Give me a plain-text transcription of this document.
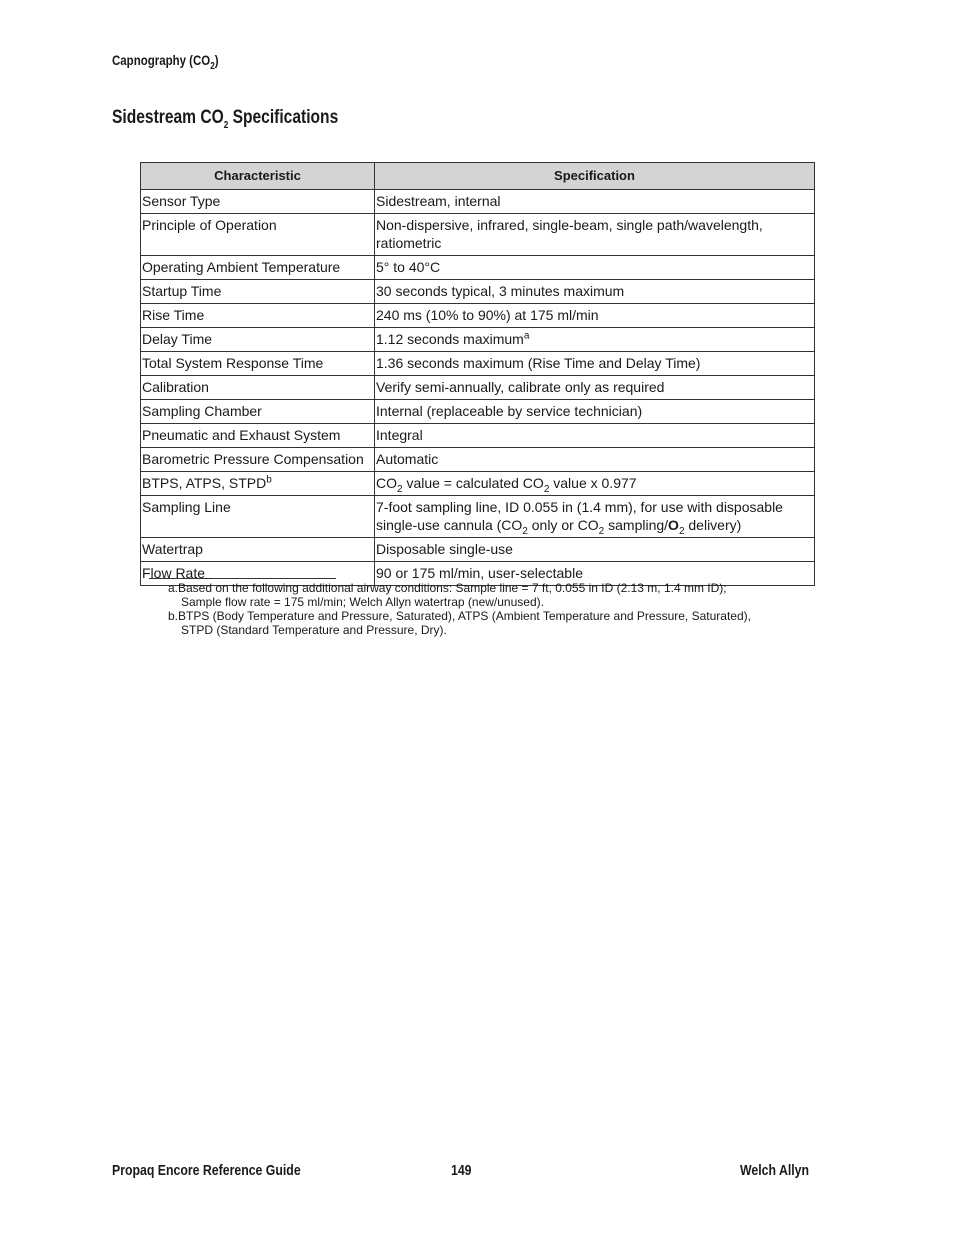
Capnography $(CO_2)$
Sidestream $CO_2$ Specifications
Characteristic	Specification
Sensor Type	Sidestream, internal
Principle of Operation	Non-dispersive, infrared, single-beam, single path/wavelength, ratiometric
Operating Ambient Temperature	5° to 40°C
Startup Time	30 seconds typical, 3 minutes maximum
Rise Time	240 ms (10% to 90%) at 175 ml/min
Delay Time	1.12 seconds maximum$^a$
Total System Response Time	1.36 seconds maximum (Rise Time and Delay Time)
Calibration	Verify semi-annually, calibrate only as required
Sampling Chamber	Internal (replaceable by service technician)
Pneumatic and Exhaust System	Integral
Barometric Pressure Compensation	Automatic
BTPS, ATPS, STPD$^b$	$CO_2$ value = calculated $CO_2$ value x 0.977
Sampling Line	7-foot sampling line, ID 0.055 in (1.4 mm), for use with disposable single-use cannula ($CO_2$ only or $CO_2$ sampling/$O_2$ delivery)
Watertrap	Disposable single-use
Flow Rate	90 or 175 ml/min, user-selectable

a.Based on the following additional airway conditions: Sample line = 7 ft, 0.055 in ID (2.13 m, 1.4 mm ID);
Sample flow rate = 175 ml/min; Welch Allyn watertrap (new/unused).

b.BTPS (Body Temperature and Pressure, Saturated), ATPS (Ambient Temperature and Pressure, Saturated),
STPD (Standard Temperature and Pressure, Dry).

Propaq Encore Reference Guide	149	Welch Allyn
